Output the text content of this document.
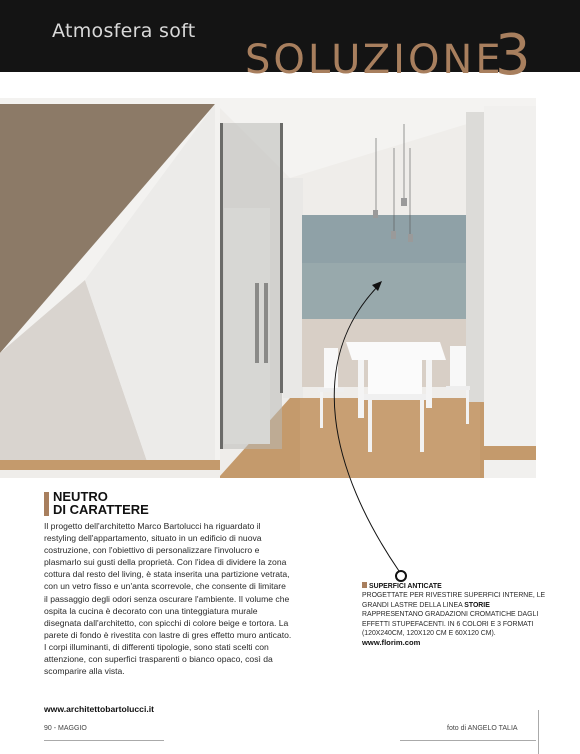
Atmosfera soft
SOLUZIONE
3
NEUTRO
DI CARATTERE
Il progetto dell'architetto Marco Bartolucci ha riguardato il restyling dell'appartamento, situato in un edificio di nuova costruzione, con l'obiettivo di personalizzare l'involucro e plasmarlo sui gusti della proprietà. Con l'idea di dividere la zona cottura dal resto del living, è stata inserita una partizione vetrata, con un vetro fisso e un'anta scorrevole, che consente di limitare il passaggio degli odori senza oscurare l'ambiente. Il volume che ospita la cucina è decorato con una tinteggiatura murale disegnata dall'architetto, con spicchi di colore beige e tortora. La parete di fondo è rivestita con lastre di gres effetto muro anticato. I corpi illuminanti, di differenti tipologie, sono stati scelti con attenzione, con superfici trasparenti o bianco opaco, così da scomparire alla vista.
www.architettobartolucci.it
SUPERFICI ANTICATE
PROGETTATE PER RIVESTIRE SUPERFICI INTERNE, LE GRANDI LASTRE DELLA LINEA STORIE RAPPRESENTANO GRADAZIONI CROMATICHE DAGLI EFFETTI STUPEFACENTI. IN 6 COLORI E 3 FORMATI (120X240CM, 120X120 CM E 60X120 CM).
www.florim.com
90 - MAGGIO	foto di ANGELO TALIA
